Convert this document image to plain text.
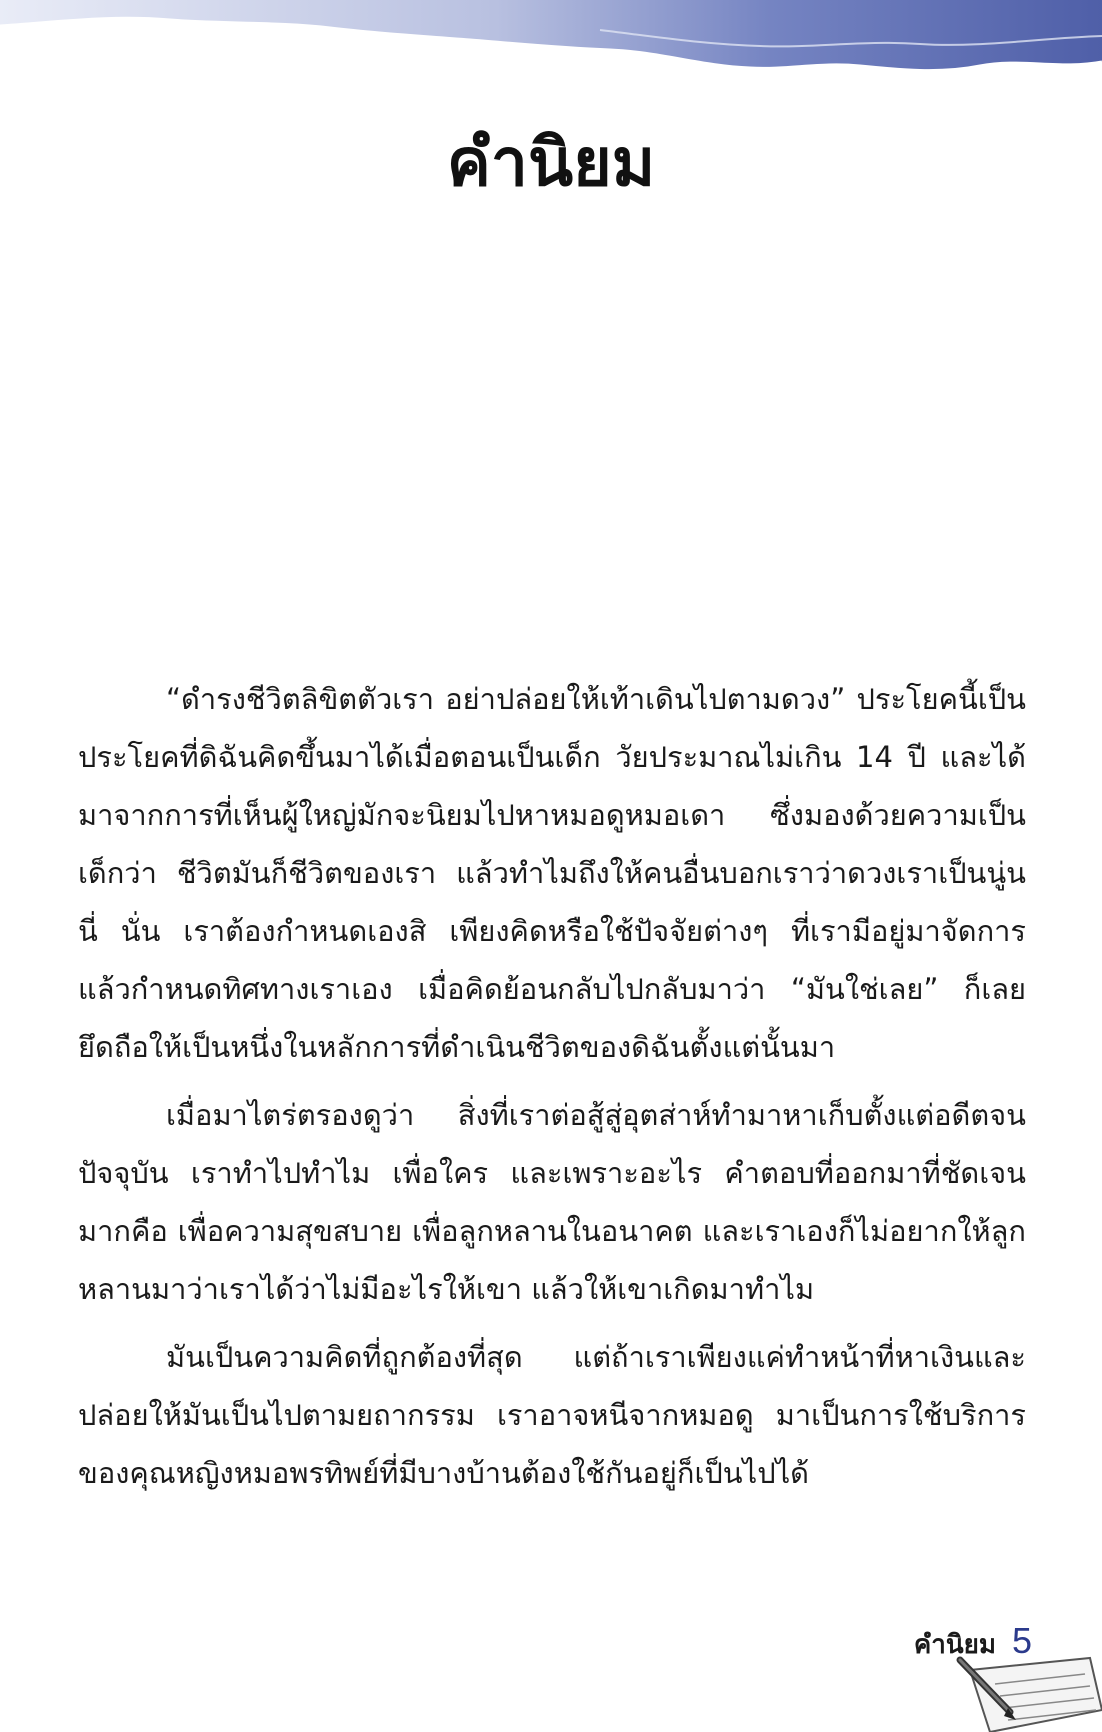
คำนิยม

“ดำรงชีวิตลิขิตตัวเรา อย่าปล่อยให้เท้าเดินไปตามดวง” ประโยคนี้เป็นประโยคที่ดิฉันคิดขึ้นมาได้เมื่อตอนเป็นเด็ก วัยประมาณไม่เกิน 14 ปี และได้มาจากการที่เห็นผู้ใหญ่มักจะนิยมไปหาหมอดูหมอเดา ซึ่งมองด้วยความเป็นเด็กว่า ชีวิตมันก็ชีวิตของเรา แล้วทำไมถึงให้คนอื่นบอกเราว่าดวงเราเป็นนู่น นี่ นั่น เราต้องกำหนดเองสิ เพียงคิดหรือใช้ปัจจัยต่างๆ ที่เรามีอยู่มาจัดการ แล้วกำหนดทิศทางเราเอง เมื่อคิดย้อนกลับไปกลับมาว่า “มันใช่เลย” ก็เลยยึดถือให้เป็นหนึ่งในหลักการที่ดำเนินชีวิตของดิฉันตั้งแต่นั้นมา

เมื่อมาไตร่ตรองดูว่า สิ่งที่เราต่อสู้สู่อุตส่าห์ทำมาหาเก็บตั้งแต่อดีตจนปัจจุบัน เราทำไปทำไม เพื่อใคร และเพราะอะไร คำตอบที่ออกมาที่ชัดเจนมากคือ เพื่อความสุขสบาย เพื่อลูกหลานในอนาคต และเราเองก็ไม่อยากให้ลูกหลานมาว่าเราได้ว่าไม่มีอะไรให้เขา แล้วให้เขาเกิดมาทำไม

มันเป็นความคิดที่ถูกต้องที่สุด แต่ถ้าเราเพียงแค่ทำหน้าที่หาเงินและปล่อยให้มันเป็นไปตามยถากรรม เราอาจหนีจากหมอดู มาเป็นการใช้บริการของคุณหญิงหมอพรทิพย์ที่มีบางบ้านต้องใช้กันอยู่ก็เป็นไปได้

คำนิยม 5
